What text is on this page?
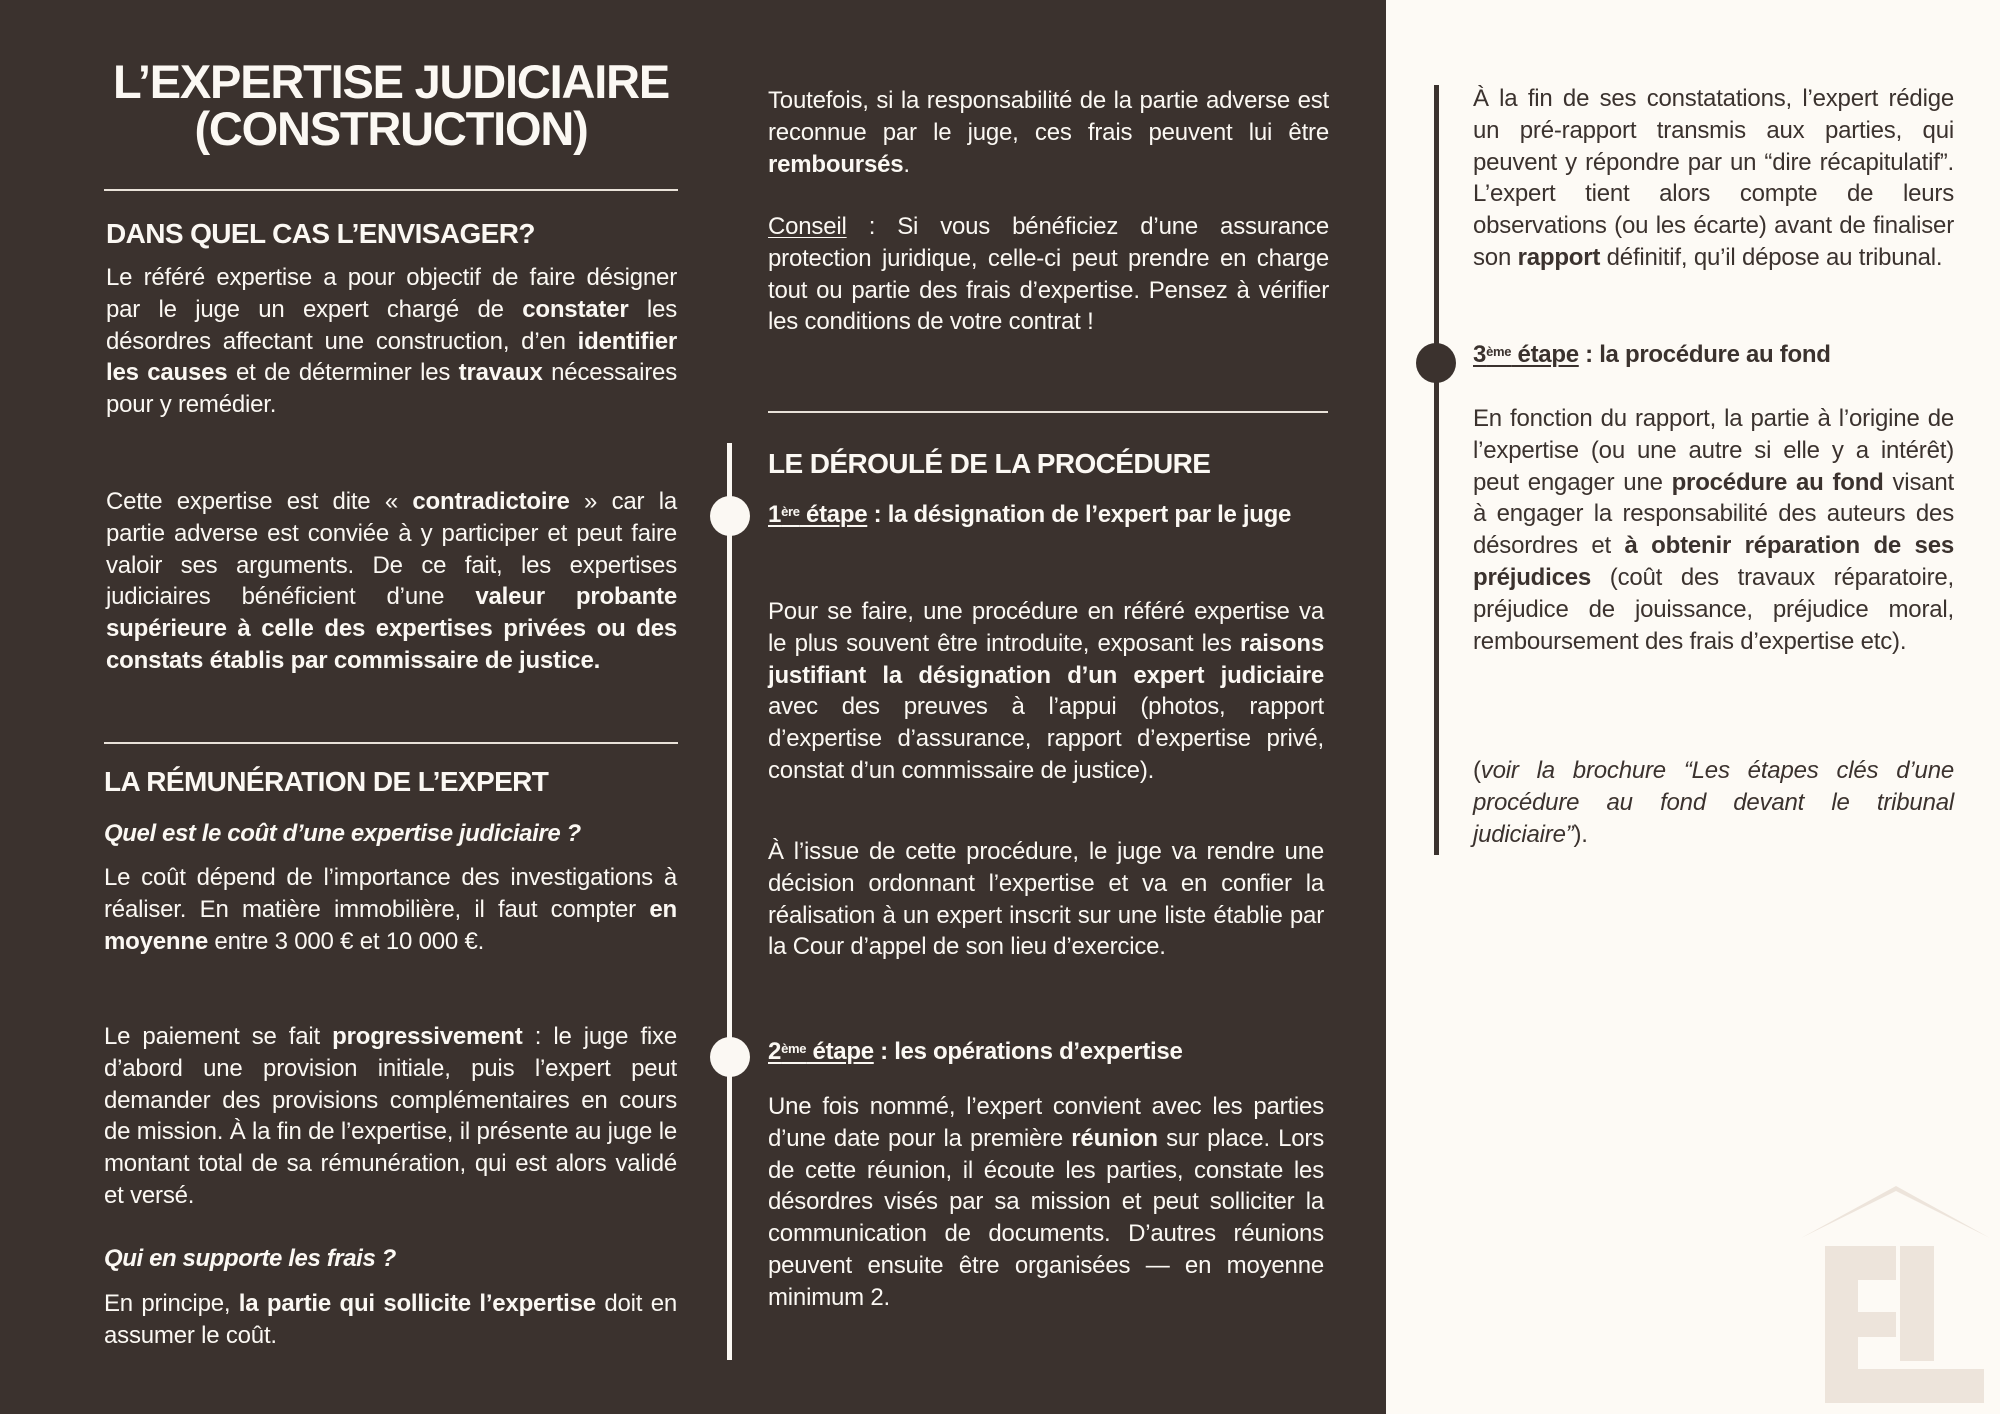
L’EXPERTISE JUDICIAIRE
(CONSTRUCTION)
DANS QUEL CAS L’ENVISAGER?
Le référé expertise a pour objectif de faire désigner par le juge un expert chargé de constater les désordres affectant une construction, d’en identifier les causes et de déterminer les travaux nécessaires pour y remédier.
Cette expertise est dite « contradictoire » car la partie adverse est conviée à y participer et peut faire valoir ses arguments. De ce fait, les expertises judiciaires bénéficient d’une valeur probante supérieure à celle des expertises privées ou des constats établis par commissaire de justice.
LA RÉMUNÉRATION DE L’EXPERT
Quel est le coût d’une expertise judiciaire ?
Le coût dépend de l’importance des investigations à réaliser. En matière immobilière, il faut compter en moyenne entre 3 000 € et 10 000 €.
Le paiement se fait progressivement : le juge fixe d’abord une provision initiale, puis l’expert peut demander des provisions complémentaires en cours de mission. À la fin de l’expertise, il présente au juge le montant total de sa rémunération, qui est alors validé et versé.
Qui en supporte les frais ?
En principe, la partie qui sollicite l’expertise doit en assumer le coût.
Toutefois, si la responsabilité de la partie adverse est reconnue par le juge, ces frais peuvent lui être remboursés.
Conseil : Si vous bénéficiez d’une assurance protection juridique, celle-ci peut prendre en charge tout ou partie des frais d’expertise. Pensez à vérifier les conditions de votre contrat !
LE DÉROULÉ DE LA PROCÉDURE
1ère étape : la désignation de l’expert par le juge
Pour se faire, une procédure en référé expertise va le plus souvent être introduite, exposant les raisons justifiant la désignation d’un expert judiciaire avec des preuves à l’appui (photos, rapport d’expertise d’assurance, rapport d’expertise privé, constat d’un commissaire de justice).
À l’issue de cette procédure, le juge va rendre une décision ordonnant l’expertise et va en confier la réalisation à un expert inscrit sur une liste établie par la Cour d’appel de son lieu d’exercice.
2ème étape : les opérations d’expertise
Une fois nommé, l’expert convient avec les parties d’une date pour la première réunion sur place. Lors de cette réunion, il écoute les parties, constate les désordres visés par sa mission et peut solliciter la communication de documents. D’autres réunions peuvent ensuite être organisées — en moyenne minimum 2.
À la fin de ses constatations, l’expert rédige un pré-rapport transmis aux parties, qui peuvent y répondre par un “dire récapitulatif”. L’expert tient alors compte de leurs observations (ou les écarte) avant de finaliser son rapport définitif, qu’il dépose au tribunal.
3ème étape : la procédure au fond
En fonction du rapport, la partie à l’origine de l’expertise (ou une autre si elle y a intérêt) peut engager une procédure au fond visant à engager la responsabilité des auteurs des désordres et à obtenir réparation de ses préjudices (coût des travaux réparatoire, préjudice de jouissance, préjudice moral, remboursement des frais d’expertise etc).
(voir la brochure “Les étapes clés d’une procédure au fond devant le tribunal judiciaire”).
